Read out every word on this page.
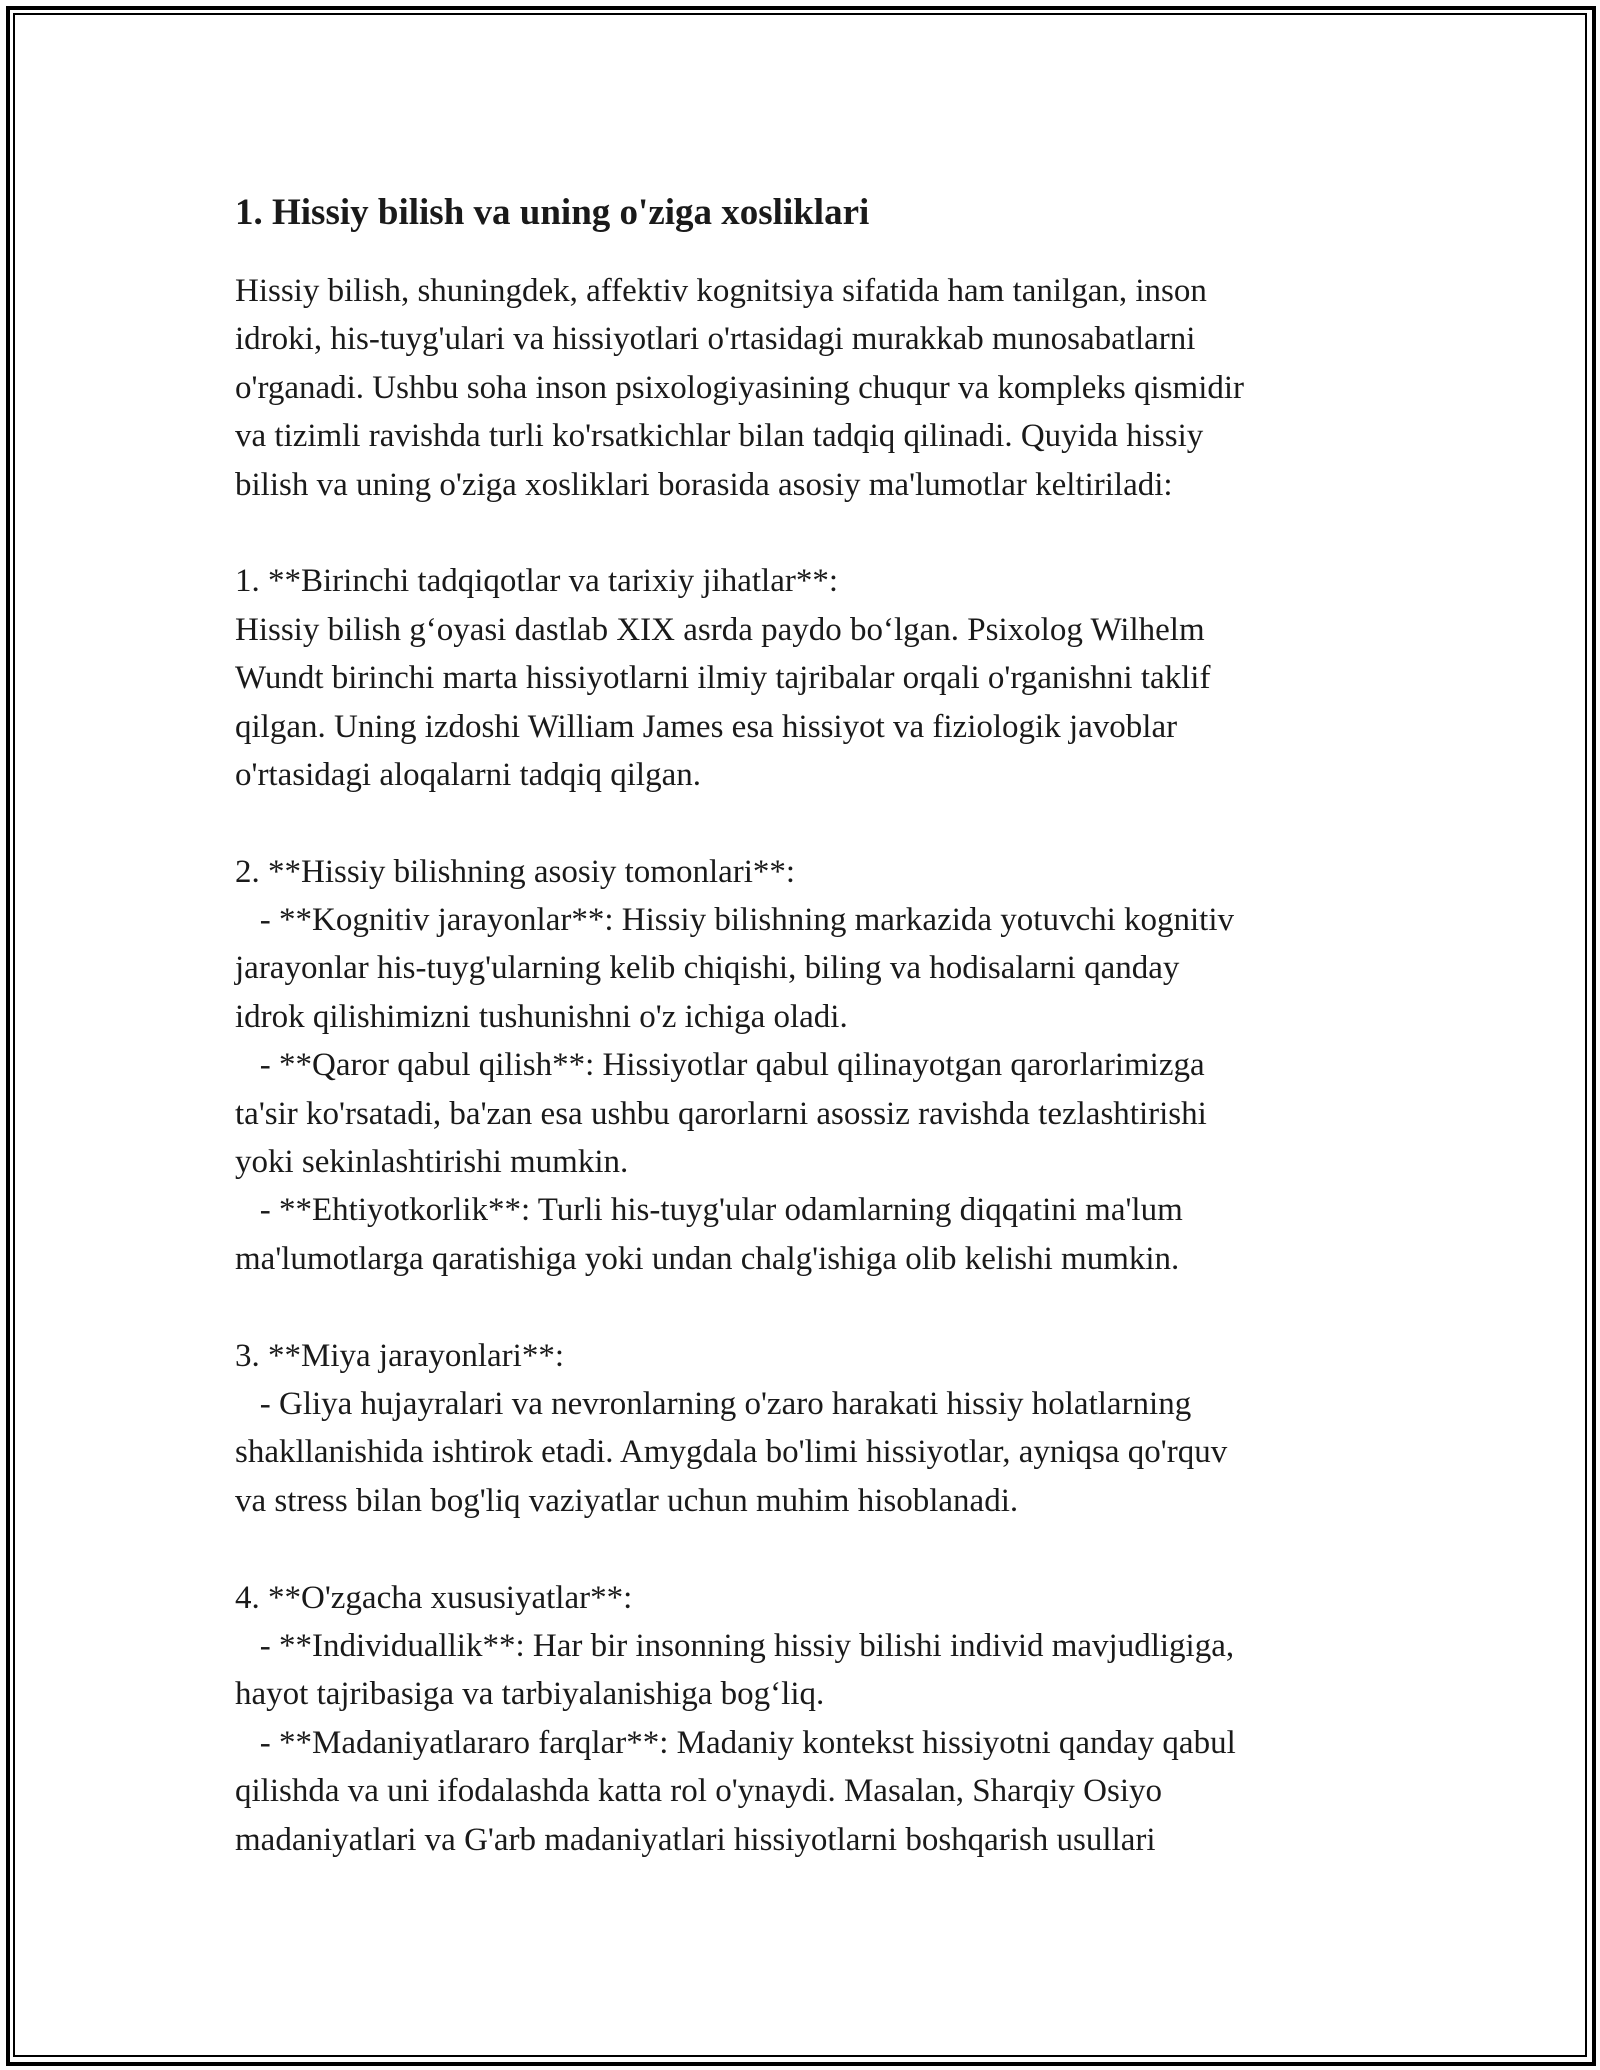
1. Hissiy bilish va uning o'ziga xosliklari
Hissiy bilish, shuningdek, affektiv kognitsiya sifatida ham tanilgan, inson
idroki, his-tuyg'ulari va hissiyotlari o'rtasidagi murakkab munosabatlarni
o'rganadi. Ushbu soha inson psixologiyasining chuqur va kompleks qismidir
va tizimli ravishda turli ko'rsatkichlar bilan tadqiq qilinadi. Quyida hissiy
bilish va uning o'ziga xosliklari borasida asosiy ma'lumotlar keltiriladi:
1. **Birinchi tadqiqotlar va tarixiy jihatlar**:
Hissiy bilish g‘oyasi dastlab XIX asrda paydo bo‘lgan. Psixolog Wilhelm
Wundt birinchi marta hissiyotlarni ilmiy tajribalar orqali o'rganishni taklif
qilgan. Uning izdoshi William James esa hissiyot va fiziologik javoblar
o'rtasidagi aloqalarni tadqiq qilgan.
2. **Hissiy bilishning asosiy tomonlari**:
- **Kognitiv jarayonlar**: Hissiy bilishning markazida yotuvchi kognitiv
jarayonlar his-tuyg'ularning kelib chiqishi, biling va hodisalarni qanday
idrok qilishimizni tushunishni o'z ichiga oladi.
- **Qaror qabul qilish**: Hissiyotlar qabul qilinayotgan qarorlarimizga
ta'sir ko'rsatadi, ba'zan esa ushbu qarorlarni asossiz ravishda tezlashtirishi
yoki sekinlashtirishi mumkin.
- **Ehtiyotkorlik**: Turli his-tuyg'ular odamlarning diqqatini ma'lum
ma'lumotlarga qaratishiga yoki undan chalg'ishiga olib kelishi mumkin.
3. **Miya jarayonlari**:
- Gliya hujayralari va nevronlarning o'zaro harakati hissiy holatlarning
shakllanishida ishtirok etadi. Amygdala bo'limi hissiyotlar, ayniqsa qo'rquv
va stress bilan bog'liq vaziyatlar uchun muhim hisoblanadi.
4. **O'zgacha xususiyatlar**:
- **Individuallik**: Har bir insonning hissiy bilishi individ mavjudligiga,
hayot tajribasiga va tarbiyalanishiga bog‘liq.
- **Madaniyatlararo farqlar**: Madaniy kontekst hissiyotni qanday qabul
qilishda va uni ifodalashda katta rol o'ynaydi. Masalan, Sharqiy Osiyo
madaniyatlari va G'arb madaniyatlari hissiyotlarni boshqarish usullari
